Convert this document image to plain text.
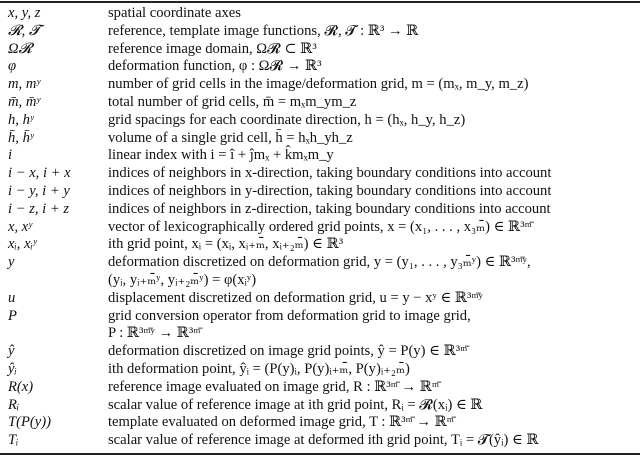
x, y, z	spatial coordinate axes
𝓡, 𝓣	reference, template image functions, 𝓡, 𝓣 : ℝ³ → ℝ
Ω𝓡	reference image domain, Ω𝓡 ⊂ ℝ³
φ	deformation function, φ : Ω𝓡 → ℝ³
m, mʸ	number of grid cells in the image/deformation grid, m = (mₓ, m_y, m_z)
m̄, m̄ʸ	total number of grid cells, m̄ = mₓm_ym_z
h, hʸ	grid spacings for each coordinate direction, h = (hₓ, h_y, h_z)
h̄, h̄ʸ	volume of a single grid cell, h̄ = hₓh_yh_z
i	linear index with i = î + ĵmₓ + k̂mₓm_y
i − x, i + x	indices of neighbors in x-direction, taking boundary conditions into account
i − y, i + y	indices of neighbors in y-direction, taking boundary conditions into account
i − z, i + z	indices of neighbors in z-direction, taking boundary conditions into account
x, xʸ	vector of lexicographically ordered grid points, x = (x₁, . . . , x₃ₘ̄) ∈ ℝ³ᵐ̄
xᵢ, xᵢʸ	ith grid point, xᵢ = (xᵢ, xᵢ₊ₘ̄, xᵢ₊₂ₘ̄) ∈ ℝ³
y	deformation discretized on deformation grid, y = (y₁, . . . , y₃ₘ̄ʸ) ∈ ℝ³ᵐ̄ʸ,
(yᵢ, yᵢ₊ₘ̄ʸ, yᵢ₊₂ₘ̄ʸ) = φ(xᵢʸ)
u	displacement discretized on deformation grid, u = y − xʸ ∈ ℝ³ᵐ̄ʸ
P	grid conversion operator from deformation grid to image grid,
P : ℝ³ᵐ̄ʸ → ℝ³ᵐ̄
ŷ	deformation discretized on image grid points, ŷ = P(y) ∈ ℝ³ᵐ̄
ŷᵢ	ith deformation point, ŷᵢ = (P(y)ᵢ, P(y)ᵢ₊ₘ̄, P(y)ᵢ₊₂ₘ̄)
R(x)	reference image evaluated on image grid, R : ℝ³ᵐ̄ → ℝᵐ̄
Rᵢ	scalar value of reference image at ith grid point, Rᵢ = 𝓡(xᵢ) ∈ ℝ
T(P(y))	template evaluated on deformed image grid, T : ℝ³ᵐ̄ → ℝᵐ̄
Tᵢ	scalar value of reference image at deformed ith grid point, Tᵢ = 𝓣(ŷᵢ) ∈ ℝ
